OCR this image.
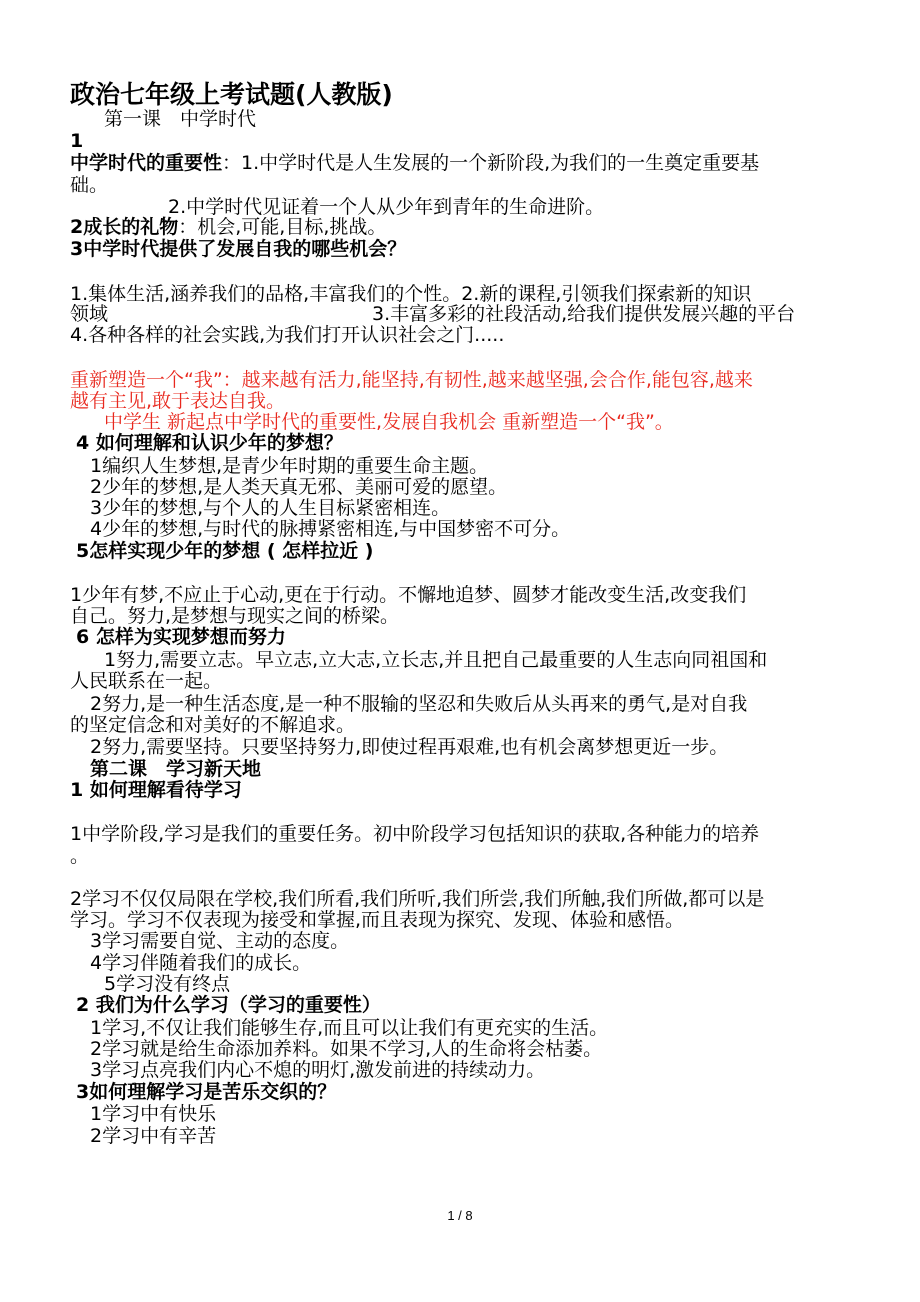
政治七年级上考试题(人教版)
第一课　中学时代
1
中学时代的重要性：1.中学时代是人生发展的一个新阶段,为我们的一生奠定重要基
础。
2.中学时代见证着一个人从少年到青年的生命进阶。
2成长的礼物：机会,可能,目标,挑战。
3中学时代提供了发展自我的哪些机会？
1.集体生活,涵养我们的品格,丰富我们的个性。2.新的课程,引领我们探索新的知识
领域	3.丰富多彩的社段活动,给我们提供发展兴趣的平台
4.各种各样的社会实践,为我们打开认识社会之门.....
重新塑造一个“我”：越来越有活力,能坚持,有韧性,越来越坚强,会合作,能包容,越来
越有主见,敢于表达自我。
中学生 新起点中学时代的重要性,发展自我机会 重新塑造一个“我”。
4 如何理解和认识少年的梦想？
1编织人生梦想,是青少年时期的重要生命主题。
2少年的梦想,是人类天真无邪、美丽可爱的愿望。
3少年的梦想,与个人的人生目标紧密相连。
4少年的梦想,与时代的脉搏紧密相连,与中国梦密不可分。
5怎样实现少年的梦想 ( 怎样拉近 )
1少年有梦,不应止于心动,更在于行动。不懈地追梦、圆梦才能改变生活,改变我们
自己。努力,是梦想与现实之间的桥梁。
6 怎样为实现梦想而努力
1努力,需要立志。早立志,立大志,立长志,并且把自己最重要的人生志向同祖国和
人民联系在一起。
2努力,是一种生活态度,是一种不服输的坚忍和失败后从头再来的勇气,是对自我
的坚定信念和对美好的不解追求。
2努力,需要坚持。只要坚持努力,即使过程再艰难,也有机会离梦想更近一步。
第二课　学习新天地
1 如何理解看待学习
1中学阶段,学习是我们的重要任务。初中阶段学习包括知识的获取,各种能力的培养
。
2学习不仅仅局限在学校,我们所看,我们所听,我们所尝,我们所触,我们所做,都可以是
学习。学习不仅表现为接受和掌握,而且表现为探究、发现、体验和感悟。
3学习需要自觉、主动的态度。
4学习伴随着我们的成长。
5学习没有终点
2 我们为什么学习（学习的重要性）
1学习,不仅让我们能够生存,而且可以让我们有更充实的生活。
2学习就是给生命添加养料。如果不学习,人的生命将会枯萎。
3学习点亮我们内心不熄的明灯,激发前进的持续动力。
3如何理解学习是苦乐交织的？
1学习中有快乐
2学习中有辛苦
1 / 8
